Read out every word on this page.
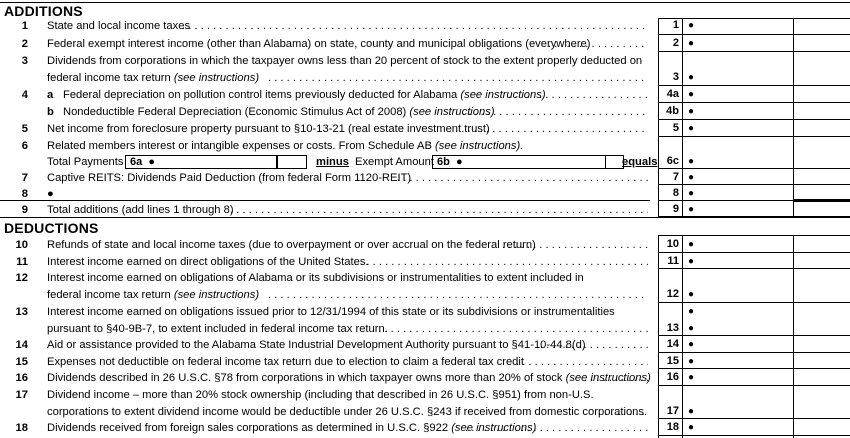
ADDITIONS
1 State and local income taxes
. . .
2 Federal exempt interest income (other than Alabama) on state, county and municipal obligations (everywhere)
. . .
3 Dividends from corporations in which the taxpayer owns less than 20 percent of stock to the extent properly deducted on
federal income tax return (see instructions)
. . .
4 a Federal depreciation on pollution control items previously deducted for Alabama (see instructions)
. . .
b Nondeductible Federal Depreciation (Economic Stimulus Act of 2008) (see instructions)
. . .
5 Net income from foreclosure property pursuant to §10-13-21 (real estate investment trust)
. . .
6 Related members interest or intangible expenses or costs. From Schedule AB (see instructions).
Total Payments 6a ●	minus Exempt Amount 6b ●	equals
7 Captive REITS: Dividends Paid Deduction (from federal Form 1120-REIT)
. . .
8 ●
9 Total additions (add lines 1 through 8)
. . .
DEDUCTIONS
10 Refunds of state and local income taxes (due to overpayment or over accrual on the federal return)
. . .
11 Interest income earned on direct obligations of the United States.
. . .
12 Interest income earned on obligations of Alabama or its subdivisions or instrumentalities to extent included in
federal income tax return (see instructions)
. . .
13 Interest income earned on obligations issued prior to 12/31/1994 of this state or its subdivisions or instrumentalities
pursuant to §40-9B-7, to extent included in federal income tax return.
. . .
14 Aid or assistance provided to the Alabama State Industrial Development Authority pursuant to §41-10-44.8(d)
. . .
15 Expenses not deductible on federal income tax return due to election to claim a federal tax credit
. . .
16 Dividends described in 26 U.S.C. §78 from corporations in which taxpayer owns more than 20% of stock (see instructions)
. . .
17 Dividend income – more than 20% stock ownership (including that described in 26 U.S.C. §951) from non-U.S.
corporations to extent dividend income would be deductible under 26 U.S.C. §243 if received from domestic corporations.
. . .
18 Dividends received from foreign sales corporations as determined in U.S.C. §922 (see instructions)
. . .
1 ●
2 ●
3 ●
4a ●
4b ●
5 ●
6c ●
7 ●
8 ●
9 ●
10 ●
11 ●
12 ●
●
13 ●
14 ●
15 ●
16 ●
17 ●
18 ●
